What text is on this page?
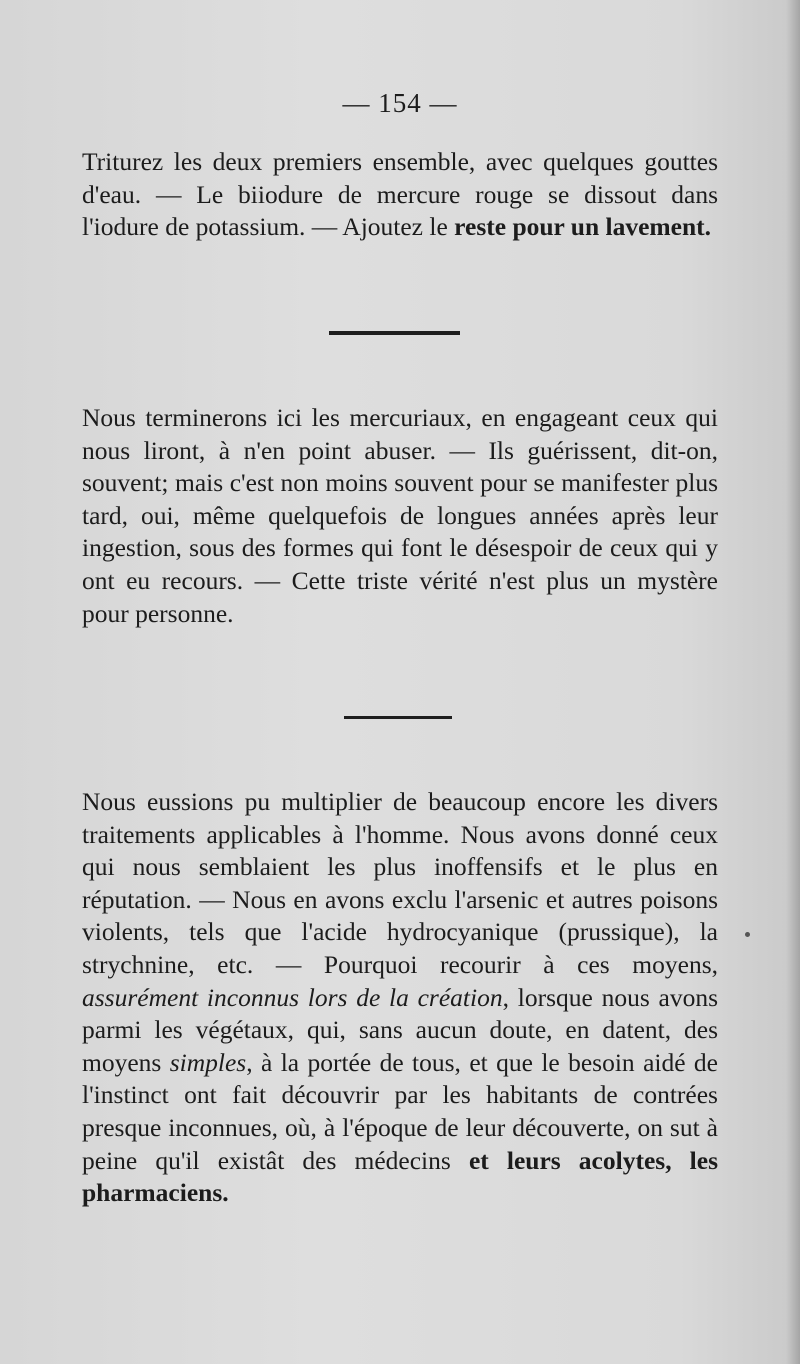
— 154 —
Triturez les deux premiers ensemble, avec quelques gouttes d'eau. — Le biiodure de mercure rouge se dissout dans l'iodure de potassium. — Ajoutez le reste pour un lavement.
Nous terminerons ici les mercuriaux, en engageant ceux qui nous liront, à n'en point abuser. — Ils guérissent, dit-on, souvent; mais c'est non moins souvent pour se manifester plus tard, oui, même quelquefois de longues années après leur ingestion, sous des formes qui font le désespoir de ceux qui y ont eu recours. — Cette triste vérité n'est plus un mystère pour personne.
Nous eussions pu multiplier de beaucoup encore les divers traitements applicables à l'homme. Nous avons donné ceux qui nous semblaient les plus inoffensifs et le plus en réputation. — Nous en avons exclu l'arsenic et autres poisons violents, tels que l'acide hydrocyanique (prussique), la strychnine, etc. — Pourquoi recourir à ces moyens, assurément inconnus lors de la création, lorsque nous avons parmi les végétaux, qui, sans aucun doute, en datent, des moyens simples, à la portée de tous, et que le besoin aidé de l'instinct ont fait découvrir par les habitants de contrées presque inconnues, où, à l'époque de leur découverte, on sut à peine qu'il existât des médecins et leurs acolytes, les pharmaciens.
